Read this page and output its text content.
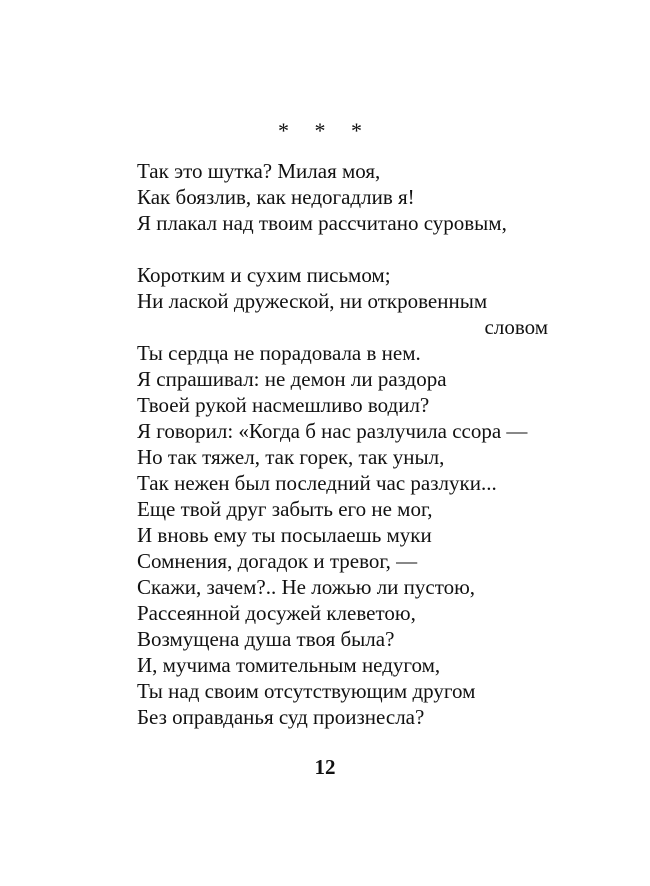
* * *
Так это шутка? Милая моя,
Как боязлив, как недогадлив я!
Я плакал над твоим рассчитано суровым,
Коротким и сухим письмом;
Ни лаской дружеской, ни откровенным
словом
Ты сердца не порадовала в нем.
Я спрашивал: не демон ли раздора
Твоей рукой насмешливо водил?
Я говорил: «Когда б нас разлучила ссора —
Но так тяжел, так горек, так уныл,
Так нежен был последний час разлуки...
Еще твой друг забыть его не мог,
И вновь ему ты посылаешь муки
Сомнения, догадок и тревог, —
Скажи, зачем?.. Не ложью ли пустою,
Рассеянной досужей клеветою,
Возмущена душа твоя была?
И, мучима томительным недугом,
Ты над своим отсутствующим другом
Без оправданья суд произнесла?
12
